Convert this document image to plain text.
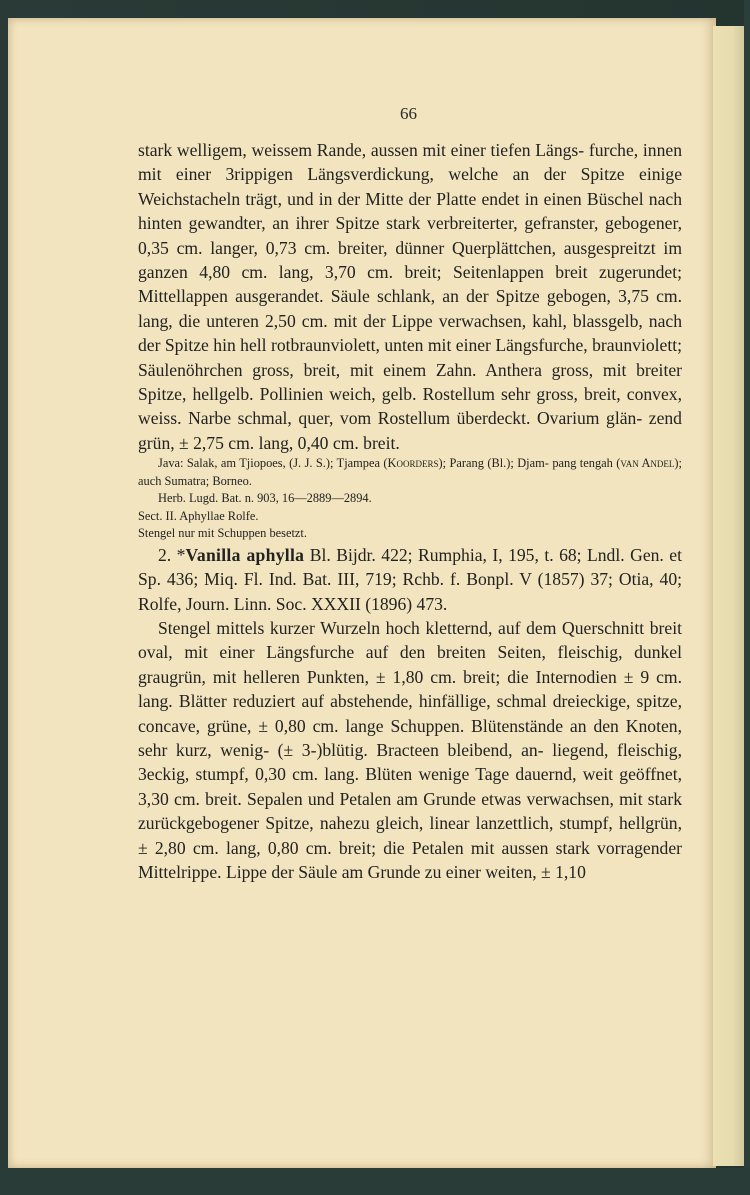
66

stark welligem, weissem Rande, aussen mit einer tiefen Längs- furche, innen mit einer 3rippigen Längsverdickung, welche an der Spitze einige Weichstacheln trägt, und in der Mitte der Platte endet in einen Büschel nach hinten gewandter, an ihrer Spitze stark verbreiterter, gefranster, gebogener, 0,35 cm. langer, 0,73 cm. breiter, dünner Querplättchen, ausgespreitzt im ganzen 4,80 cm. lang, 3,70 cm. breit; Seitenlappen breit zugerundet; Mittellappen ausgerandet. Säule schlank, an der Spitze gebogen, 3,75 cm. lang, die unteren 2,50 cm. mit der Lippe verwachsen, kahl, blassgelb, nach der Spitze hin hell rotbraunviolett, unten mit einer Längsfurche, braunviolett; Säulenöhrchen gross, breit, mit einem Zahn. Anthera gross, mit breiter Spitze, hellgelb. Pollinien weich, gelb. Rostellum sehr gross, breit, convex, weiss. Narbe schmal, quer, vom Rostellum überdeckt. Ovarium glän- zend grün, ± 2,75 cm. lang, 0,40 cm. breit.

Java: Salak, am Tjiopoes, (J. J. S.); Tjampea (Koorders); Parang (Bl.); Djam- pang tengah (van Andel); auch Sumatra; Borneo.

Herb. Lugd. Bat. n. 903, 16—2889—2894.

Sect. II. Aphyllae Rolfe.

Stengel nur mit Schuppen besetzt.

2. *Vanilla aphylla Bl. Bijdr. 422; Rumphia, I, 195, t. 68; Lndl. Gen. et Sp. 436; Miq. Fl. Ind. Bat. III, 719; Rchb. f. Bonpl. V (1857) 37; Otia, 40; Rolfe, Journ. Linn. Soc. XXXII (1896) 473.

Stengel mittels kurzer Wurzeln hoch kletternd, auf dem Querschnitt breit oval, mit einer Längsfurche auf den breiten Seiten, fleischig, dunkel graugrün, mit helleren Punkten, ± 1,80 cm. breit; die Internodien ± 9 cm. lang. Blätter reduziert auf abstehende, hinfällige, schmal dreieckige, spitze, concave, grüne, ± 0,80 cm. lange Schuppen. Blütenstände an den Knoten, sehr kurz, wenig- (± 3-)blütig. Bracteen bleibend, an- liegend, fleischig, 3eckig, stumpf, 0,30 cm. lang. Blüten wenige Tage dauernd, weit geöffnet, 3,30 cm. breit. Sepalen und Petalen am Grunde etwas verwachsen, mit stark zurückgebogener Spitze, nahezu gleich, linear lanzettlich, stumpf, hellgrün, ± 2,80 cm. lang, 0,80 cm. breit; die Petalen mit aussen stark vorragender Mittelrippe. Lippe der Säule am Grunde zu einer weiten, ± 1,10
